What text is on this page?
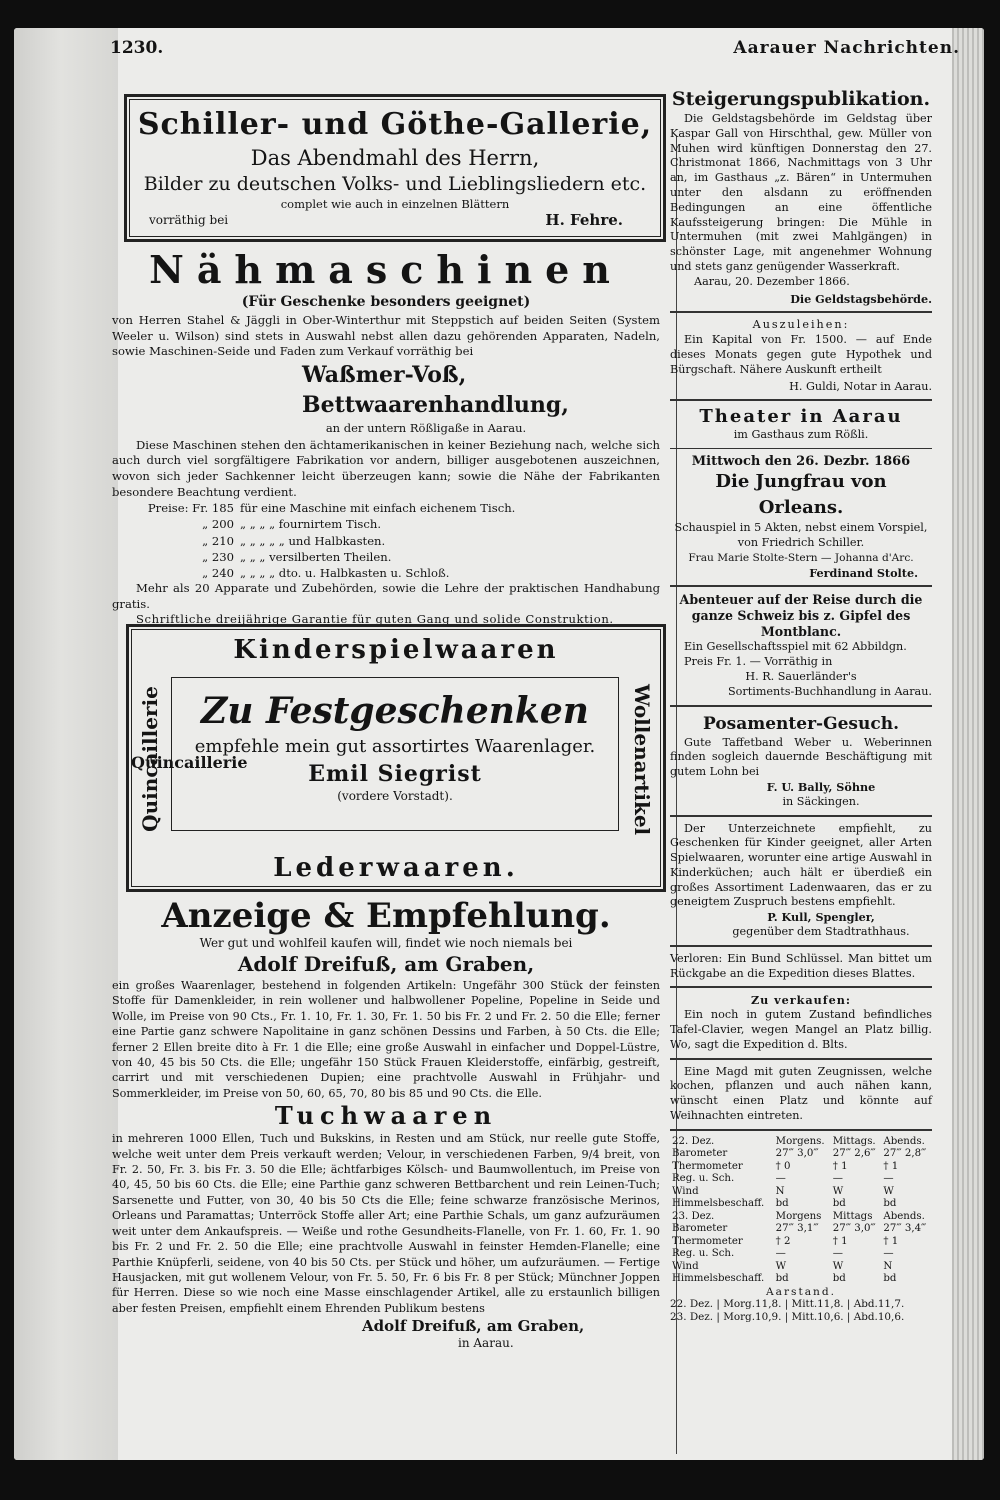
1230.	Aarauer Nachrichten.
Schiller- und Göthe-Gallerie,
Das Abendmahl des Herrn,
Bilder zu deutschen Volks- und Lieblingsliedern etc.
complet wie auch in einzelnen Blättern
vorräthig bei	H. Fehre.
Nähmaschinen
(Für Geschenke besonders geeignet)

von Herren Stahel & Jäggli in Ober-Winterthur mit Steppstich auf beiden Seiten (System Weeler u. Wilson) sind stets in Auswahl nebst allen dazu gehörenden Apparaten, Nadeln, sowie Maschinen-Seide und Faden zum Verkauf vorräthig bei

Waßmer-Voß, Bettwaarenhandlung,
an der untern Rößligaße in Aarau.

Diese Maschinen stehen den ächtamerikanischen in keiner Beziehung nach, welche sich auch durch viel sorgfältigere Fabrikation vor andern, billiger ausgebotenen auszeichnen, wovon sich jeder Sachkenner leicht überzeugen kann; sowie die Nähe der Fabrikanten besondere Beachtung verdient.

Preise: Fr. 185 für eine Maschine mit einfach eichenem Tisch.
„ 200 „ „ „ „ fournirtem Tisch.
„ 210 „ „ „ „ „ und Halbkasten.
„ 230 „ „ „ versilberten Theilen.
„ 240 „ „ „ „ dto. u. Halbkasten u. Schloß.

Mehr als 20 Apparate und Zubehörden, sowie die Lehre der praktischen Handhabung gratis.

Schriftliche dreijährige Garantie für guten Gang und solide Construktion.

Kinderspielwaaren
Zu Festgeschenken
empfehle mein gut assortirtes Waarenlager.
Emil Siegrist
(vordere Vorstadt).
Quincaillerie
Quincaillerie	Wollenartikel
Lederwaaren.
Anzeige & Empfehlung.
Wer gut und wohlfeil kaufen will, findet wie noch niemals bei
Adolf Dreifuß, am Graben,

ein großes Waarenlager, bestehend in folgenden Artikeln: Ungefähr 300 Stück der feinsten Stoffe für Damenkleider, in rein wollener und halbwollener Popeline, Popeline in Seide und Wolle, im Preise von 90 Cts., Fr. 1. 10, Fr. 1. 30, Fr. 1. 50 bis Fr. 2 und Fr. 2. 50 die Elle; ferner eine Partie ganz schwere Napolitaine in ganz schönen Dessins und Farben, à 50 Cts. die Elle; ferner 2 Ellen breite dito à Fr. 1 die Elle; eine große Auswahl in einfacher und Doppel-Lüstre, von 40, 45 bis 50 Cts. die Elle; ungefähr 150 Stück Frauen Kleiderstoffe, einfärbig, gestreift, carrirt und mit verschiedenen Dupien; eine prachtvolle Auswahl in Frühjahr- und Sommerkleider, im Preise von 50, 60, 65, 70, 80 bis 85 und 90 Cts. die Elle.

Tuchwaaren

in mehreren 1000 Ellen, Tuch und Bukskins, in Resten und am Stück, nur reelle gute Stoffe, welche weit unter dem Preis verkauft werden; Velour, in verschiedenen Farben, 9/4 breit, von Fr. 2. 50, Fr. 3. bis Fr. 3. 50 die Elle; ächtfarbiges Kölsch- und Baumwollentuch, im Preise von 40, 45, 50 bis 60 Cts. die Elle; eine Parthie ganz schweren Bettbarchent und rein Leinen-Tuch; Sarsenette und Futter, von 30, 40 bis 50 Cts die Elle; feine schwarze französische Merinos, Orleans und Paramattas; Unterröck Stoffe aller Art; eine Parthie Schals, um ganz aufzuräumen weit unter dem Ankaufspreis. — Weiße und rothe Gesundheits-Flanelle, von Fr. 1. 60, Fr. 1. 90 bis Fr. 2 und Fr. 2. 50 die Elle; eine prachtvolle Auswahl in feinster Hemden-Flanelle; eine Parthie Knüpferli, seidene, von 40 bis 50 Cts. per Stück und höher, um aufzuräumen. — Fertige Hausjacken, mit gut wollenem Velour, von Fr. 5. 50, Fr. 6 bis Fr. 8 per Stück; Münchner Joppen für Herren. Diese so wie noch eine Masse einschlagender Artikel, alle zu erstaunlich billigen aber festen Preisen, empfiehlt einem Ehrenden Publikum bestens

Adolf Dreifuß, am Graben,
in Aarau.
Steigerungspublikation.

Die Geldstagsbehörde im Geldstag über Kaspar Gall von Hirschthal, gew. Müller von Muhen wird künftigen Donnerstag den 27. Christmonat 1866, Nachmittags von 3 Uhr an, im Gasthaus „z. Bären“ in Untermuhen unter den alsdann zu eröffnenden Bedingungen an eine öffentliche Kaufssteigerung bringen: Die Mühle in Untermuhen (mit zwei Mahlgängen) in schönster Lage, mit angenehmer Wohnung und stets ganz genügender Wasserkraft.

Aarau, 20. Dezember 1866.
Die Geldstagsbehörde.
Auszuleihen:

Ein Kapital von Fr. 1500. — auf Ende dieses Monats gegen gute Hypothek und Bürgschaft. Nähere Auskunft ertheilt

H. Guldi, Notar in Aarau.
Theater in Aarau
im Gasthaus zum Rößli.
Mittwoch den 26. Dezbr. 1866
Die Jungfrau von Orleans.

Schauspiel in 5 Akten, nebst einem Vorspiel, von Friedrich Schiller.

Frau Marie Stolte-Stern — Johanna d'Arc.
Ferdinand Stolte.
Abenteuer auf der Reise durch die ganze Schweiz bis z. Gipfel des Montblanc.

Ein Gesellschaftsspiel mit 62 Abbildgn. Preis Fr. 1. — Vorräthig in

H. R. Sauerländer's
Sortiments-Buchhandlung in Aarau.
Posamenter-Gesuch.

Gute Taffetband Weber u. Weberinnen finden sogleich dauernde Beschäftigung mit gutem Lohn bei

F. U. Bally, Söhne
in Säckingen.

Der Unterzeichnete empfiehlt, zu Geschenken für Kinder geeignet, aller Arten Spielwaaren, worunter eine artige Auswahl in Kinderküchen; auch hält er überdieß ein großes Assortiment Ladenwaaren, das er zu geneigtem Zuspruch bestens empfiehlt.

P. Kull, Spengler,
gegenüber dem Stadtrathhaus.

Verloren: Ein Bund Schlüssel. Man bittet um Rückgabe an die Expedition dieses Blattes.

Zu verkaufen:

Ein noch in gutem Zustand befindliches Tafel-Clavier, wegen Mangel an Platz billig. Wo, sagt die Expedition d. Blts.

Eine Magd mit guten Zeugnissen, welche kochen, pflanzen und auch nähen kann, wünscht einen Platz und könnte auf Weihnachten eintreten.

22. Dez.	Morgens.	Mittags.	Abends.
Barometer	27‴ 3,0‴	27‴ 2,6‴	27‴ 2,8‴
Thermometer	† 0	† 1	† 1
Reg. u. Sch.	—	—	—
Wind	N	W	W
Himmelsbeschaff.	bd	bd	bd
23. Dez.	Morgens	Mittags	Abends.
Barometer	27‴ 3,1‴	27‴ 3,0‴	27‴ 3,4‴
Thermometer	† 2	† 1	† 1
Reg. u. Sch.	—	—	—
Wind	W	W	N
Himmelsbeschaff.	bd	bd	bd
Aarstand.
22. Dez. | Morg.11,8. | Mitt.11,8. | Abd.11,7.
23. Dez. | Morg.10,9. | Mitt.10,6. | Abd.10,6.
